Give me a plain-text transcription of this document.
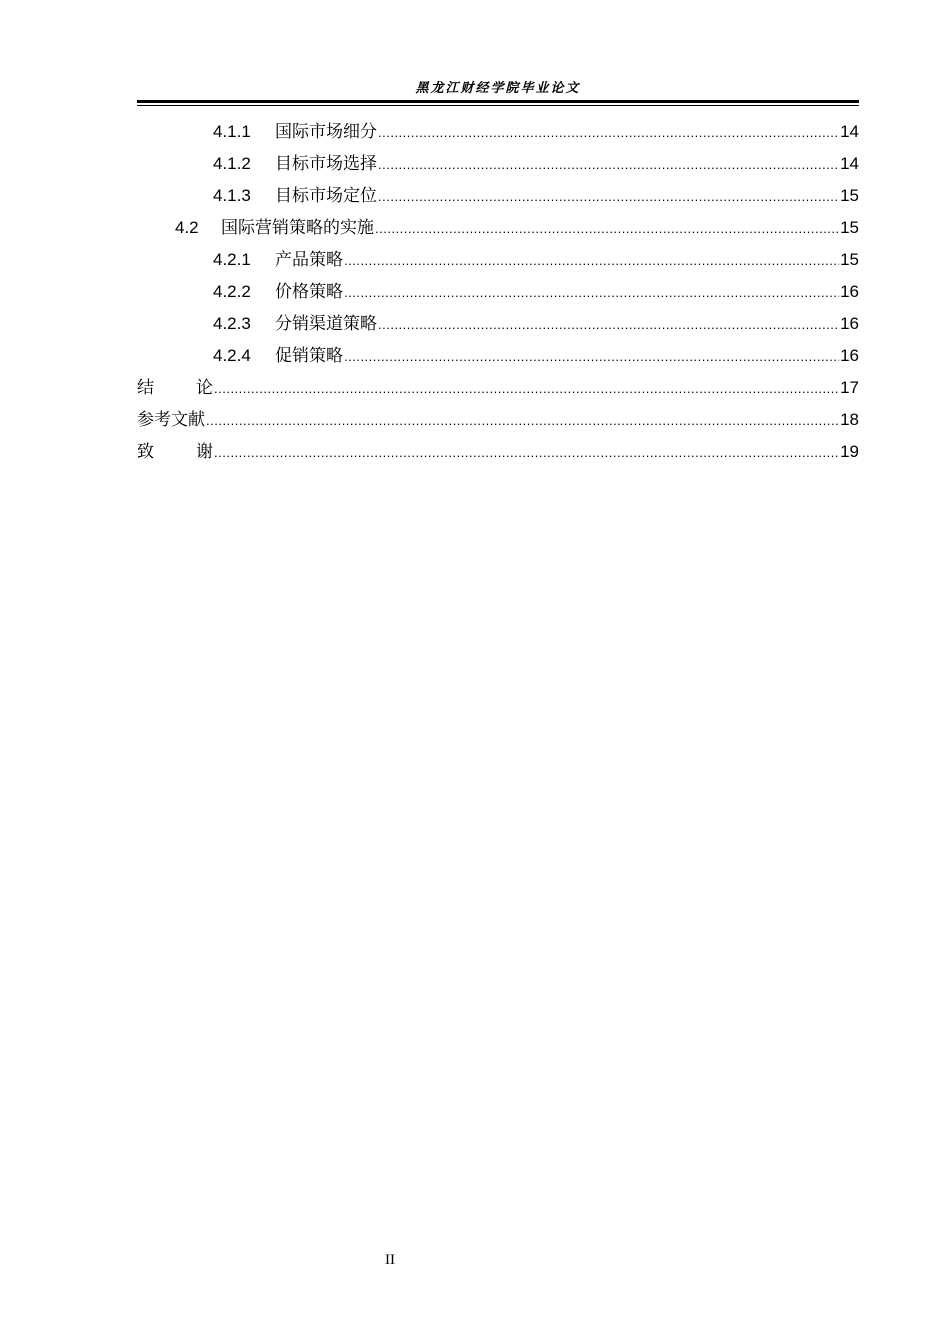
黑龙江财经学院毕业论文
4.1.1	国际市场细分 .....	14
4.1.2	目标市场选择 .....	14
4.1.3	目标市场定位 .....	15
4.2	国际营销策略的实施 .....	15
4.2.1	产品策略 .....	15
4.2.2	价格策略 .....	16
4.2.3	分销渠道策略 .....	16
4.2.4	促销策略 .....	16
结 论 .....	17
参考文献 .....	18
致 谢 .....	19
II
